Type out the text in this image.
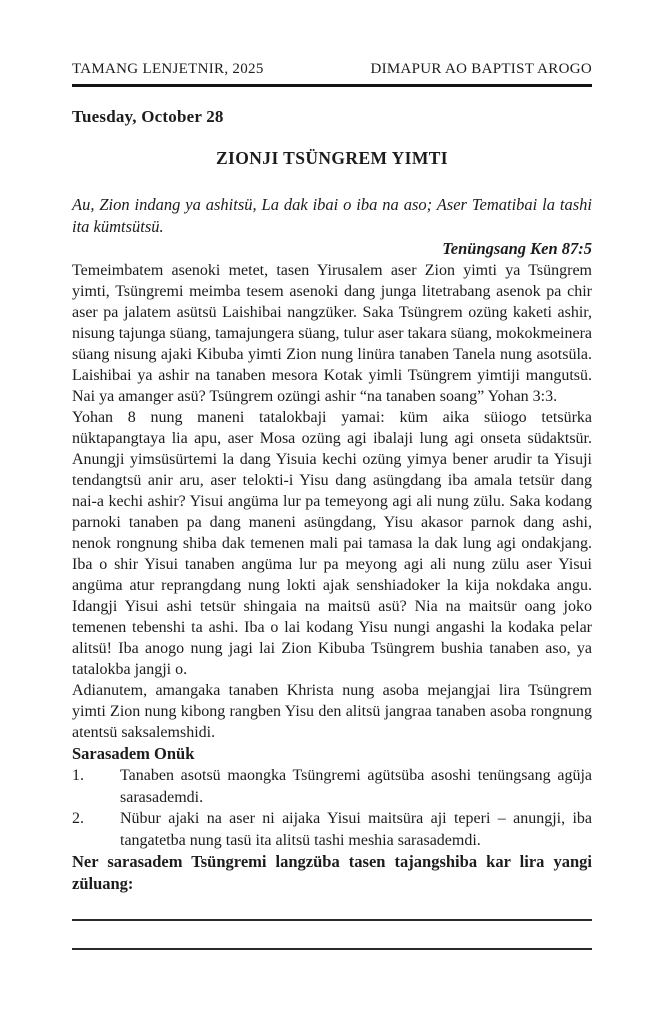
TAMANG LENJETNIR, 2025	DIMAPUR AO BAPTIST AROGO
Tuesday, October 28
ZIONJI TSÜNGREM YIMTI

Au, Zion indang ya ashitsü, La dak ibai o iba na aso; Aser Tematibai la tashi ita kümtsütsü.

Tenüngsang Ken 87:5

Temeimbatem asenoki metet, tasen Yirusalem aser Zion yimti ya Tsüngrem yimti, Tsüngremi meimba tesem asenoki dang junga litetrabang asenok pa chir aser pa jalatem asütsü Laishibai nangzüker. Saka Tsüngrem ozüng kaketi ashir, nisung tajunga süang, tamajungera süang, tulur aser takara süang, mokokmeinera süang nisung ajaki Kibuba yimti Zion nung linüra tanaben Tanela nung asotsüla. Laishibai ya ashir na tanaben mesora Kotak yimli Tsüngrem yimtiji mangutsü. Nai ya amanger asü? Tsüngrem ozüngi ashir “na tanaben soang” Yohan 3:3.

Yohan 8 nung maneni tatalokbaji yamai: küm aika süiogo tetsürka nüktapangtaya lia apu, aser Mosa ozüng agi ibalaji lung agi onseta südaktsür. Anungji yimsüsürtemi la dang Yisuia kechi ozüng yimya bener arudir ta Yisuji tendangtsü anir aru, aser telokti-i Yisu dang asüngdang iba amala tetsür dang nai-a kechi ashir? Yisui angüma lur pa temeyong agi ali nung zülu. Saka kodang parnoki tanaben pa dang maneni asüngdang, Yisu akasor parnok dang ashi, nenok rongnung shiba dak temenen mali pai tamasa la dak lung agi ondakjang. Iba o shir Yisui tanaben angüma lur pa meyong agi ali nung zülu aser Yisui angüma atur reprangdang nung lokti ajak senshiadoker la kija nokdaka angu. Idangji Yisui ashi tetsür shingaia na maitsü asü? Nia na maitsür oang joko temenen tebenshi ta ashi. Iba o lai kodang Yisu nungi angashi la kodaka pelar alitsü! Iba anogo nung jagi lai Zion Kibuba Tsüngrem bushia tanaben aso, ya tatalokba jangji o.

Adianutem, amangaka tanaben Khrista nung asoba mejangjai lira Tsüngrem yimti Zion nung kibong rangben Yisu den alitsü jangraa tanaben asoba rongnung atentsü saksalemshidi.

Sarasadem Onük
1.	Tanaben asotsü maongka Tsüngremi agütsüba asoshi tenüngsang agüja sarasademdi.
2.	Nübur ajaki na aser ni aijaka Yisui maitsüra aji teperi – anungji, iba tangatetba nung tasü ita alitsü tashi meshia sarasademdi.

Ner sarasadem Tsüngremi langzüba tasen tajangshiba kar lira yangi züluang:
